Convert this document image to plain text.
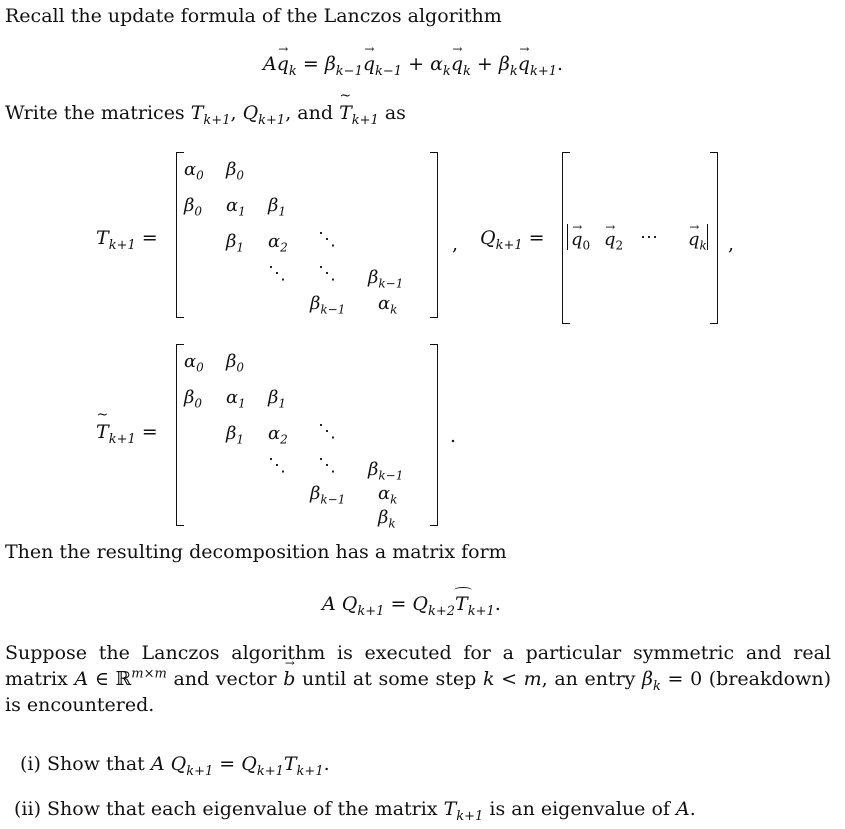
Recall the update formula of the Lanczos algorithm

$A\to q_k = \beta_{k-1}\to q_{k-1} + \alpha_k\to q_k + \beta_k\to q_{k+1}$.
Write the matrices $T_{k+1}$, $Q_{k+1}$, and ~ $T_{k+1}$ as
$T_{k+1}$ =
$\alpha_0$ $\beta_0$
$\beta_0$ $\alpha_1$ $\beta_1$
$\beta_1$ $\alpha_2$ ⋱
⋱ ⋱ $\beta_{k-1}$
$\beta_{k-1}$ $\alpha_k$
, $Q_{k+1}$ =
→ $q_0$
→ $q_2$ ⋯
→ $q_k$ ,
~ $T_{k+1}$ =
$\alpha_0$ $\beta_0$
$\beta_0$ $\alpha_1$ $\beta_1$
$\beta_1$ $\alpha_2$ ⋱
⋱ ⋱ $\beta_{k-1}$
$\beta_{k-1}$ $\alpha_k$
$\beta_k$
.

Then the resulting decomposition has a matrix form

A $Q_{k+1} = Q_{k+2}T_{k+1}$.
Suppose the Lanczos algorithm is executed for a particular symmetric and real matrix A ∈ ℝ$^{m\times m}$ and vector → b until at some step k < m, an entry $\beta_k = 0$ (breakdown) is encountered.
(i) Show that A $Q_{k+1} = Q_{k+1}T_{k+1}$.
(ii) Show that each eigenvalue of the matrix $T_{k+1}$ is an eigenvalue of A.
